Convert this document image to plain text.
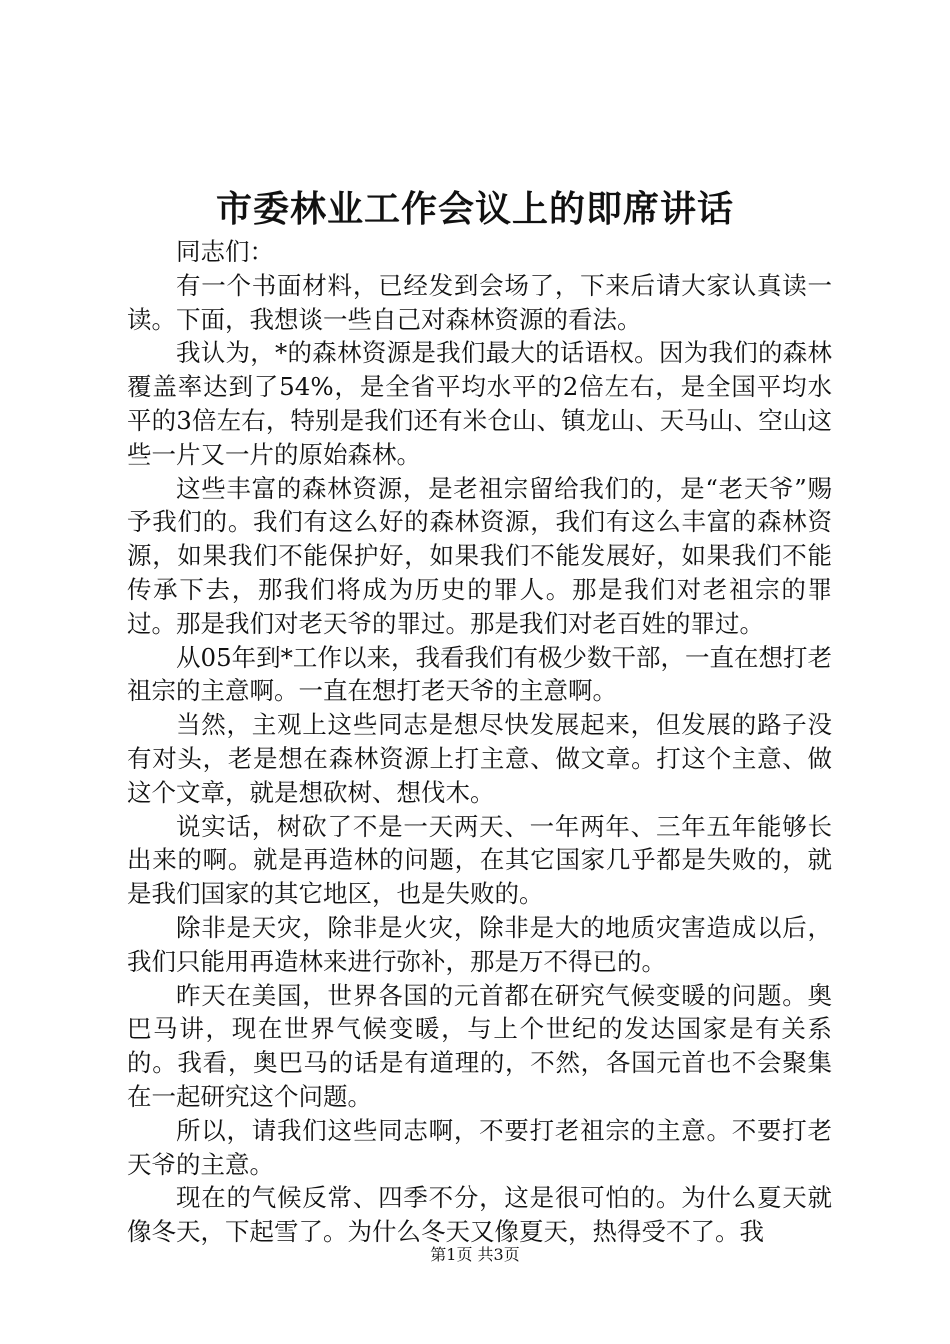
市委林业工作会议上的即席讲话

同志们：

有一个书面材料，已经发到会场了，下来后请大家认真读一读。下面，我想谈一些自己对森林资源的看法。

我认为，*的森林资源是我们最大的话语权。因为我们的森林覆盖率达到了54%，是全省平均水平的2倍左右，是全国平均水平的3倍左右，特别是我们还有米仓山、镇龙山、天马山、空山这些一片又一片的原始森林。

这些丰富的森林资源，是老祖宗留给我们的，是“老天爷”赐予我们的。我们有这么好的森林资源，我们有这么丰富的森林资源，如果我们不能保护好，如果我们不能发展好，如果我们不能传承下去，那我们将成为历史的罪人。那是我们对老祖宗的罪过。那是我们对老天爷的罪过。那是我们对老百姓的罪过。

从05年到*工作以来，我看我们有极少数干部，一直在想打老祖宗的主意啊。一直在想打老天爷的主意啊。

当然，主观上这些同志是想尽快发展起来，但发展的路子没有对头，老是想在森林资源上打主意、做文章。打这个主意、做这个文章，就是想砍树、想伐木。

说实话，树砍了不是一天两天、一年两年、三年五年能够长出来的啊。就是再造林的问题，在其它国家几乎都是失败的，就是我们国家的其它地区，也是失败的。

除非是天灾，除非是火灾，除非是大的地质灾害造成以后，我们只能用再造林来进行弥补，那是万不得已的。

昨天在美国，世界各国的元首都在研究气候变暖的问题。奥巴马讲，现在世界气候变暖，与上个世纪的发达国家是有关系的。我看，奥巴马的话是有道理的，不然，各国元首也不会聚集在一起研究这个问题。

所以，请我们这些同志啊，不要打老祖宗的主意。不要打老天爷的主意。

现在的气候反常、四季不分，这是很可怕的。为什么夏天就像冬天，下起雪了。为什么冬天又像夏天，热得受不了。我

第1页 共3页
